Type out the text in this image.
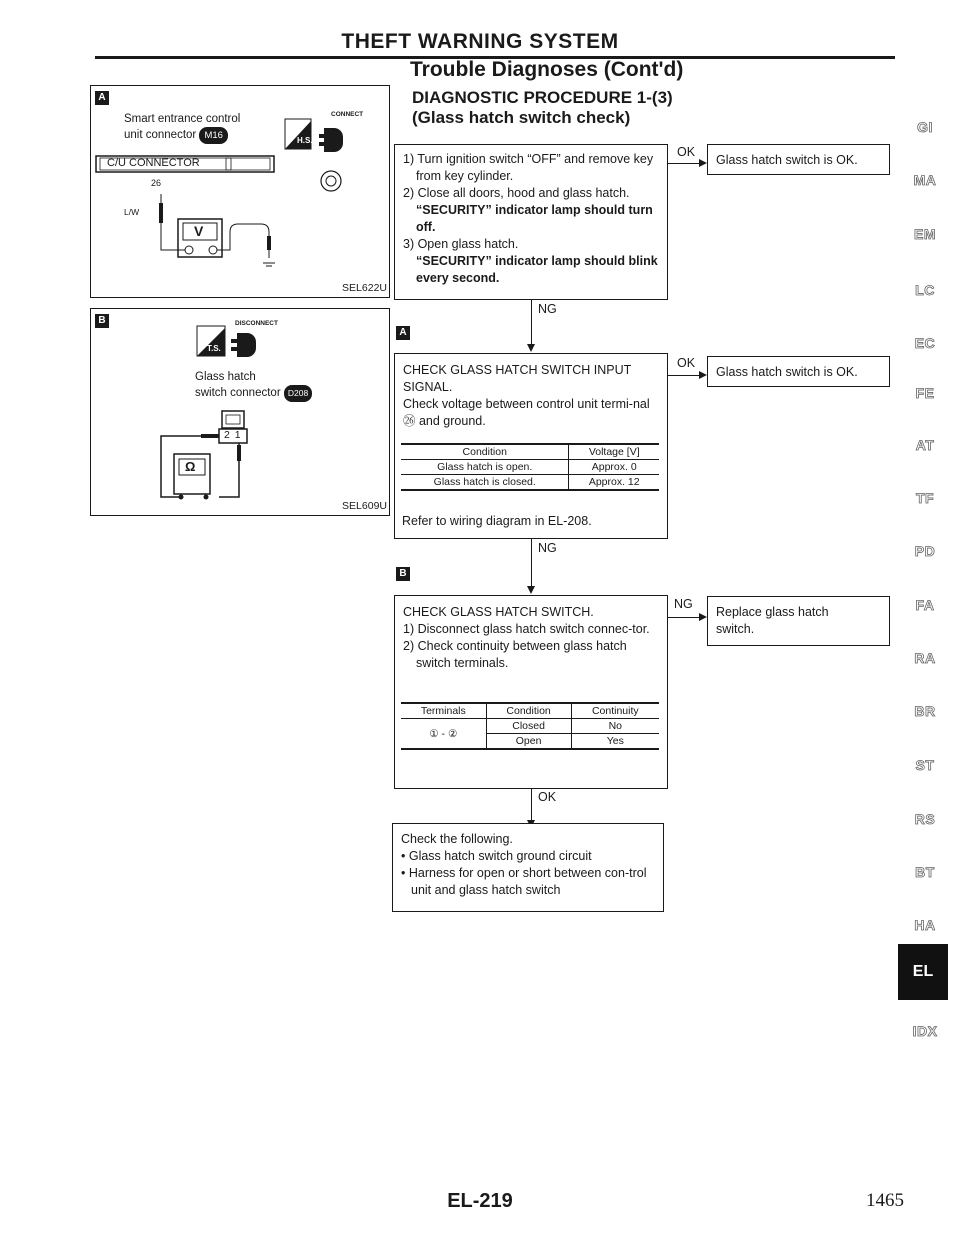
THEFT WARNING SYSTEM
Trouble Diagnoses (Cont'd)
DIAGNOSTIC PROCEDURE 1-(3)
(Glass hatch switch check)
A
Smart entrance control
unit connector M16
CONNECT
C/U CONNECTOR
26
L/W
V
H.S.
SEL622U
B	DISCONNECT
T.S.
Glass hatch
switch connector D208
2 1
Ω
SEL609U
1) Turn ignition switch “OFF” and remove key from key cylinder.
2) Close all doors, hood and glass hatch.
“SECURITY” indicator lamp should turn off.
3) Open glass hatch.
“SECURITY” indicator lamp should blink every second.
OK
Glass hatch switch is OK.
NG
A
CHECK GLASS HATCH SWITCH INPUT SIGNAL.
Check voltage between control unit termi-nal ㉖ and ground.
Condition	Voltage [V]
Glass hatch is open.	Approx. 0
Glass hatch is closed.	Approx. 12
Refer to wiring diagram in EL-208.
OK
Glass hatch switch is OK.
NG
B
CHECK GLASS HATCH SWITCH.
1) Disconnect glass hatch switch connec-tor.
2) Check continuity between glass hatch switch terminals.
Terminals	Condition	Continuity
① - ②	Closed	No
	Open	Yes
NG
Replace glass hatch switch.
OK
Check the following.
• Glass hatch switch ground circuit
• Harness for open or short between con-trol unit and glass hatch switch
GI
MA
EM
LC
EC
FE
AT
TF
PD
FA
RA
BR
ST
RS
BT
HA
EL
IDX
EL-219	1465
